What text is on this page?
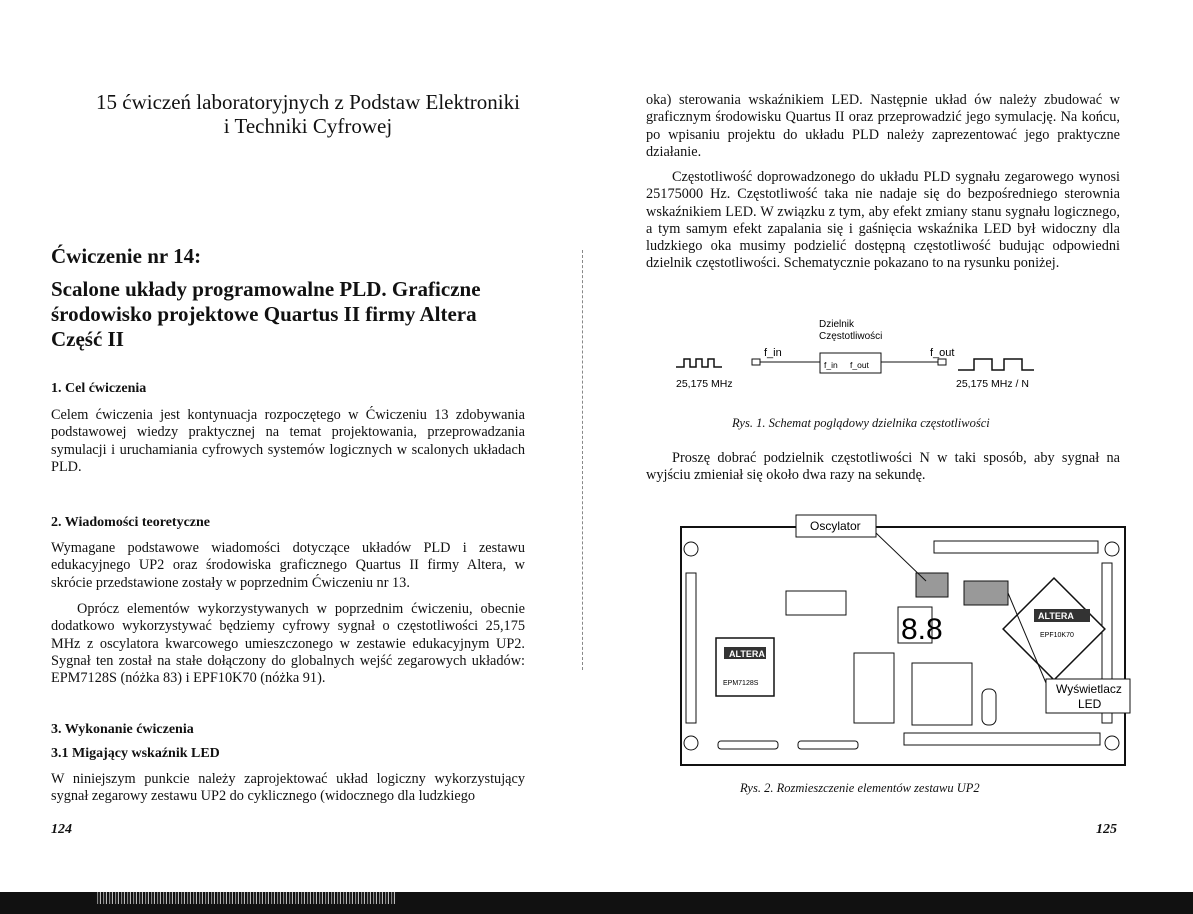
15 ćwiczeń laboratoryjnych z Podstaw Elektroniki
i Techniki Cyfrowej
Ćwiczenie nr 14:
Scalone układy programowalne PLD. Graficzne
środowisko projektowe Quartus II firmy Altera
Część II
1. Cel ćwiczenia
Celem ćwiczenia jest kontynuacja rozpoczętego w Ćwiczeniu 13 zdobywania podstawowej wiedzy praktycznej na temat projektowania, przeprowadzania symulacji i uruchamiania cyfrowych systemów logicznych w scalonych układach PLD.
2. Wiadomości teoretyczne
Wymagane podstawowe wiadomości dotyczące układów PLD i zestawu edukacyjnego UP2 oraz środowiska graficznego Quartus II firmy Altera, w skrócie przedstawione zostały w poprzednim Ćwiczeniu nr 13.
Oprócz elementów wykorzystywanych w poprzednim ćwiczeniu, obecnie dodatkowo wykorzystywać będziemy cyfrowy sygnał o częstotliwości 25,175 MHz z oscylatora kwarcowego umieszczonego w zestawie edukacyjnym UP2. Sygnał ten został na stałe dołączony do globalnych wejść zegarowych układów: EPM7128S (nóżka 83) i EPF10K70 (nóżka 91).
3. Wykonanie ćwiczenia
3.1 Migający wskaźnik LED
W niniejszym punkcie należy zaprojektować układ logiczny wykorzystujący sygnał zegarowy zestawu UP2 do cyklicznego (widocznego dla ludzkiego
124
oka) sterowania wskaźnikiem LED. Następnie układ ów należy zbudować w graficznym środowisku Quartus II oraz przeprowadzić jego symulację. Na końcu, po wpisaniu projektu do układu PLD należy zaprezentować jego praktyczne działanie.
Częstotliwość doprowadzonego do układu PLD sygnału zegarowego wynosi 25175000 Hz. Częstotliwość taka nie nadaje się do bezpośredniego sterownia wskaźnikiem LED. W związku z tym, aby efekt zmiany stanu sygnału logicznego, a tym samym efekt zapalania się i gaśnięcia wskaźnika LED był widoczny dla ludzkiego oka musimy podzielić dostępną częstotliwość budując odpowiedni dzielnik częstotliwości. Schematycznie pokazano to na rysunku poniżej.
Proszę dobrać podzielnik częstotliwości N w taki sposób, aby sygnał na wyjściu zmieniał się około dwa razy na sekundę.
125
Dzielnik
Częstotliwości
f_in
f_in f_out
f_out
25,175 MHz	25,175 MHz / N
Rys. 1. Schemat poglądowy dzielnika częstotliwości
ALTERA
EPM7128S
ALTERA
EPF10K70
8.8
Oscylator
Wyświetlacz
LED
Rys. 2. Rozmieszczenie elementów zestawu UP2
